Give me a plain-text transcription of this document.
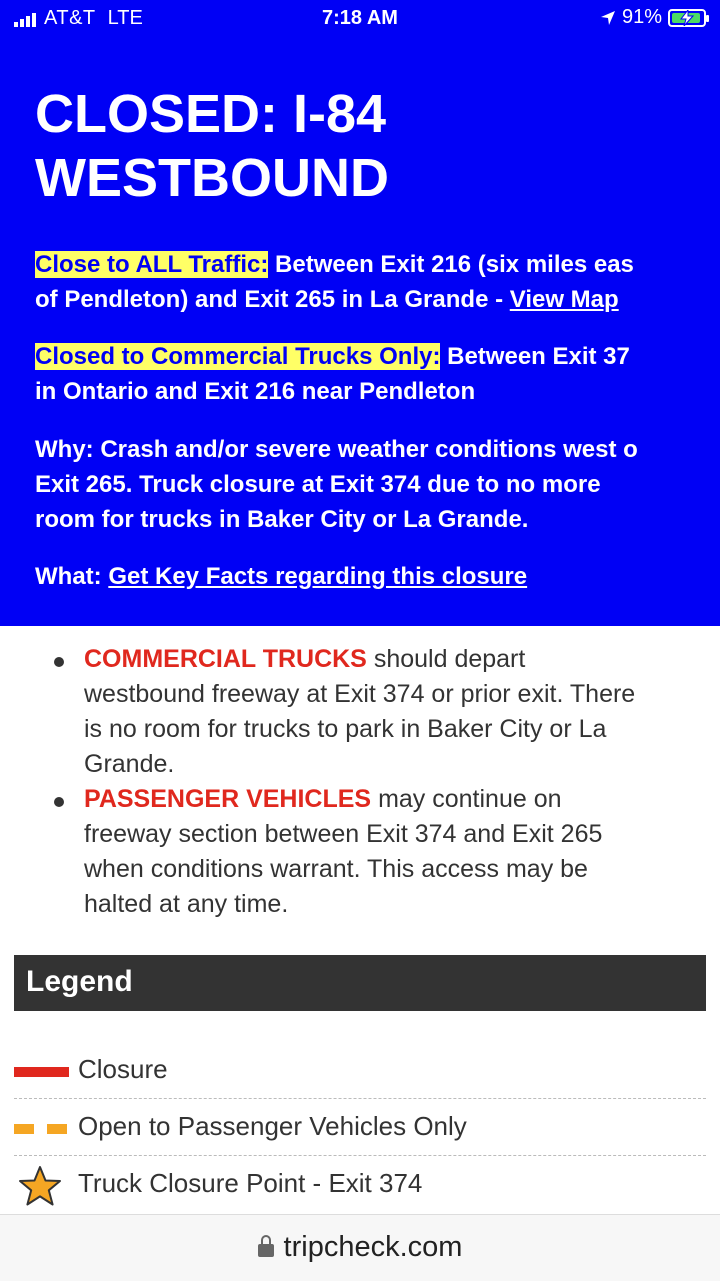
AT&T LTE	7:18 AM	91%
CLOSED: I-84 WESTBOUND

Close to ALL Traffic: Between Exit 216 (six miles eas

of Pendleton) and Exit 265 in La Grande - View Map

Closed to Commercial Trucks Only: Between Exit 37

in Ontario and Exit 216 near Pendleton

Why: Crash and/or severe weather conditions west o

Exit 265. Truck closure at Exit 374 due to no more

room for trucks in Baker City or La Grande.

What: Get Key Facts regarding this closure

COMMERCIAL TRUCKS should depart
westbound freeway at Exit 374 or prior exit. There
is no room for trucks to park in Baker City or La
Grande.
PASSENGER VEHICLES may continue on
freeway section between Exit 374 and Exit 265
when conditions warrant. This access may be
halted at any time.
Legend
Closure
Open to Passenger Vehicles Only
Truck Closure Point - Exit 374
tripcheck.com
